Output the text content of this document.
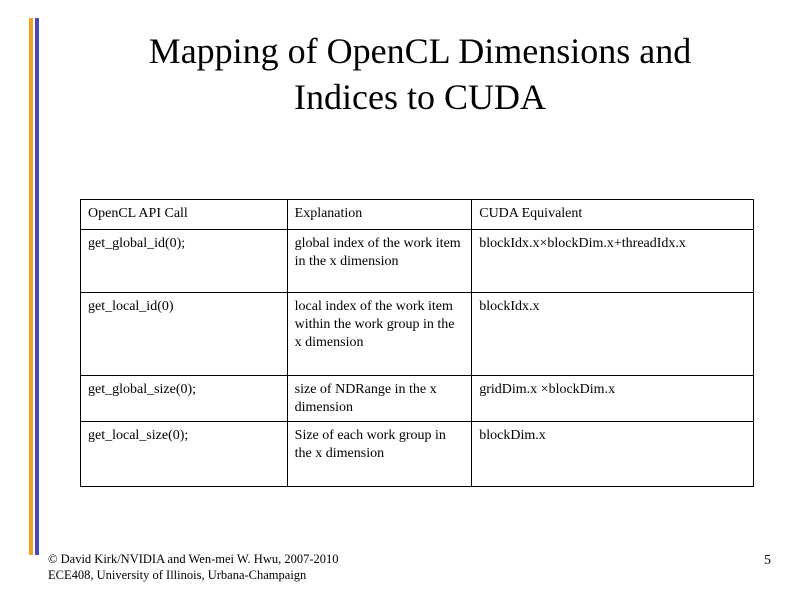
Mapping of OpenCL Dimensions and
Indices to CUDA
OpenCL API Call	Explanation	CUDA Equivalent
get_global_id(0);	global index of the work item in the x dimension	blockIdx.x×blockDim.x+threadIdx.x
get_local_id(0)	local index of the work item within the work group in the x dimension	blockIdx.x
get_global_size(0);	size of NDRange in the x dimension	gridDim.x ×blockDim.x
get_local_size(0);	Size of each work group in the x dimension	blockDim.x
© David Kirk/NVIDIA and Wen-mei W. Hwu, 2007-2010
ECE408, University of Illinois, Urbana-Champaign
5
